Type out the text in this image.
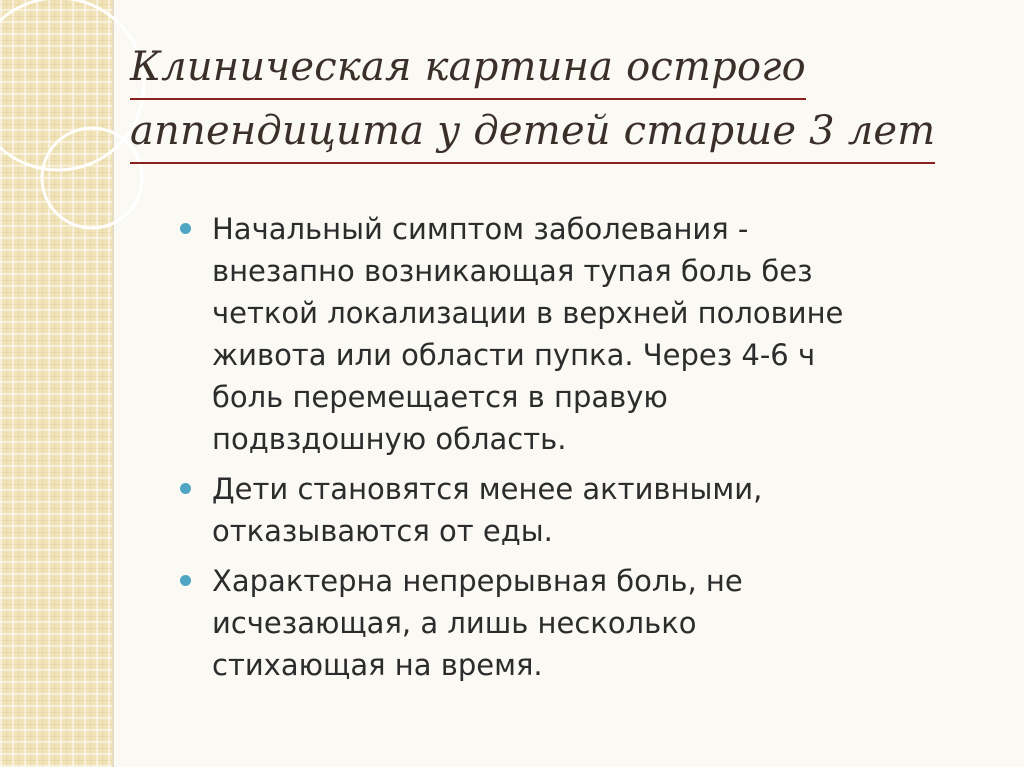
Клиническая картина острого
аппендицита у детей старше 3 лет
Начальный симптом заболевания -
внезапно возникающая тупая боль без
четкой локализации в верхней половине
живота или области пупка. Через 4-6 ч
боль перемещается в правую
подвздошную область.
Дети становятся менее активными,
отказываются от еды.
Характерна непрерывная боль, не
исчезающая, а лишь несколько
стихающая на время.
